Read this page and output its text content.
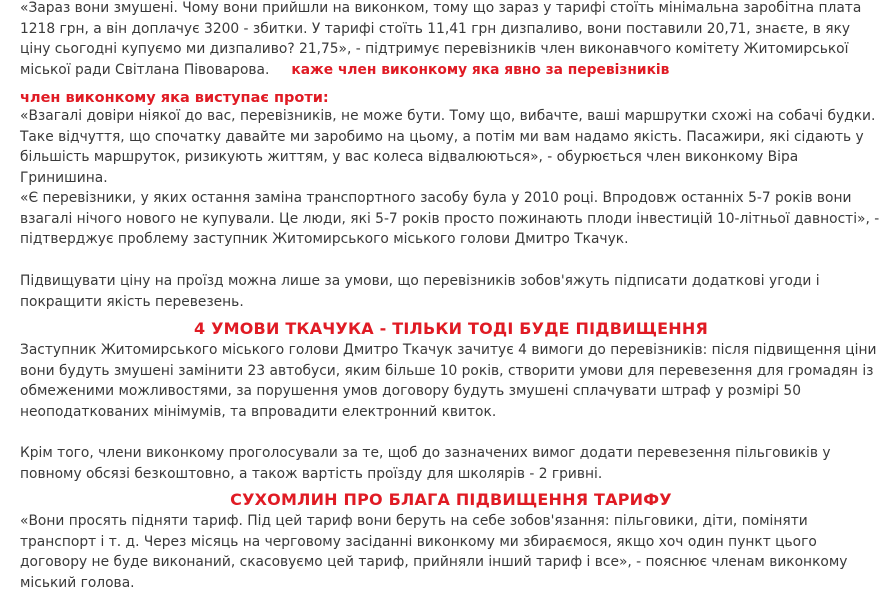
«Зараз вони змушені. Чому вони прийшли на виконком, тому що зараз у тарифі стоїть мінімальна заробітна плата 1218 грн, а він доплачує 3200 - збитки. У тарифі стоїть 11,41 грн дизпаливо, вони поставили 20,71, знаєте, в яку ціну сьогодні купуємо ми дизпаливо? 21,75», - підтримує перевізників член виконавчого комітету Житомирської міської ради Світлана Півоварова. каже член виконкому яка явно за перевізників

член виконкому яка виступає проти:

«Взагалі довіри ніякої до вас, перевізників, не може бути. Тому що, вибачте, ваші маршрутки схожі на собачі будки. Таке відчуття, що спочатку давайте ми заробимо на цьому, а потім ми вам надамо якість. Пасажири, які сідають у більшість маршруток, ризикують життям, у вас колеса відвалюються», - обурюється член виконкому Віра Гринишина.

«Є перевізники, у яких остання заміна транспортного засобу була у 2010 році. Впродовж останніх 5-7 років вони взагалі нічого нового не купували. Це люди, які 5-7 років просто пожинають плоди інвестицій 10-літньої давності», - підтверджує проблему заступник Житомирського міського голови Дмитро Ткачук.

Підвищувати ціну на проїзд можна лише за умови, що перевізників зобов'яжуть підписати додаткові угоди і покращити якість перевезень.

4 УМОВИ ТКАЧУКА - ТІЛЬКИ ТОДІ БУДЕ ПІДВИЩЕННЯ

Заступник Житомирського міського голови Дмитро Ткачук зачитує 4 вимоги до перевізників: після підвищення ціни вони будуть змушені замінити 23 автобуси, яким більше 10 років, створити умови для перевезення для громадян із обмеженими можливостями, за порушення умов договору будуть змушені сплачувати штраф у розмірі 50 неоподаткованих мінімумів, та впровадити електронний квиток.

Крім того, члени виконкому проголосували за те, щоб до зазначених вимог додати перевезення пільговиків у повному обсязі безкоштовно, а також вартість проїзду для школярів - 2 гривні.

СУХОМЛИН ПРО БЛАГА ПІДВИЩЕННЯ ТАРИФУ

«Вони просять підняти тариф. Під цей тариф вони беруть на себе зобов'язання: пільговики, діти, поміняти транспорт і т. д. Через місяць на черговому засіданні виконкому ми збираємося, якщо хоч один пункт цього договору не буде виконаний, скасовуємо цей тариф, прийняли інший тариф і все», - пояснює членам виконкому міський голова.
